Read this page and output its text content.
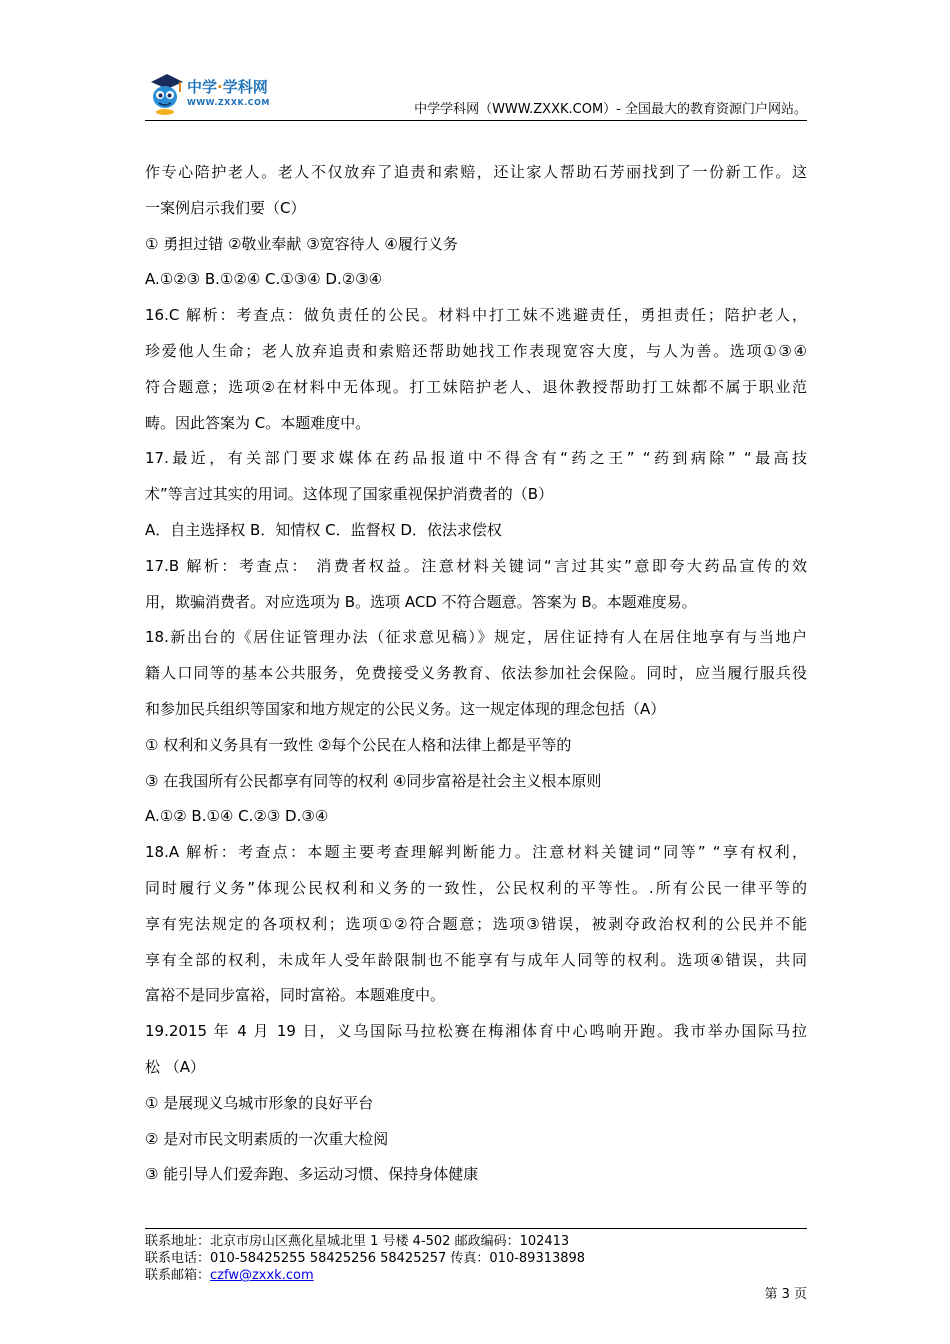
中学·学科网
WWW.ZXXK.COM	中学学科网（WWW.ZXXK.COM）- 全国最大的教育资源门户网站。
作专心陪护老人。老人不仅放弃了追责和索赔，还让家人帮助石芳丽找到了一份新工作。这
一案例启示我们要（C）
① 勇担过错 ②敬业奉献 ③宽容待人 ④履行义务
A.①②③ B.①②④ C.①③④ D.②③④
16.C 解析：考查点：做负责任的公民。材料中打工妹不逃避责任，勇担责任；陪护老人，
珍爱他人生命；老人放弃追责和索赔还帮助她找工作表现宽容大度，与人为善。选项①③④
符合题意；选项②在材料中无体现。打工妹陪护老人、退休教授帮助打工妹都不属于职业范
畴。因此答案为 C。本题难度中。
17.最近，有关部门要求媒体在药品报道中不得含有“药之王” “药到病除” “最高技
术”等言过其实的用词。这体现了国家重视保护消费者的（B）
A．自主选择权 B．知情权 C．监督权 D．依法求偿权
17.B 解析：考查点： 消费者权益。注意材料关键词“言过其实”意即夸大药品宣传的效
用，欺骗消费者。对应选项为 B。选项 ACD 不符合题意。答案为 B。本题难度易。
18.新出台的《居住证管理办法（征求意见稿）》规定，居住证持有人在居住地享有与当地户
籍人口同等的基本公共服务，免费接受义务教育、依法参加社会保险。同时，应当履行服兵役
和参加民兵组织等国家和地方规定的公民义务。这一规定体现的理念包括（A）
① 权利和义务具有一致性 ②每个公民在人格和法律上都是平等的
③ 在我国所有公民都享有同等的权利 ④同步富裕是社会主义根本原则
A.①② B.①④ C.②③ D.③④
18.A 解析：考查点：本题主要考查理解判断能力。注意材料关键词“同等” “享有权利，
同时履行义务”体现公民权利和义务的一致性，公民权利的平等性。.所有公民一律平等的
享有宪法规定的各项权利；选项①②符合题意；选项③错误，被剥夺政治权利的公民并不能
享有全部的权利，未成年人受年龄限制也不能享有与成年人同等的权利。选项④错误，共同
富裕不是同步富裕，同时富裕。本题难度中。
19.2015 年 4 月 19 日，义乌国际马拉松赛在梅湘体育中心鸣响开跑。我市举办国际马拉
松 （A）
① 是展现义乌城市形象的良好平台
② 是对市民文明素质的一次重大检阅
③ 能引导人们爱奔跑、多运动习惯、保持身体健康
联系地址：北京市房山区燕化星城北里 1 号楼 4-502 邮政编码：102413
联系电话：010-58425255 58425256 58425257 传真：010-89313898
联系邮箱：czfw@zxxk.com
第 3 页
